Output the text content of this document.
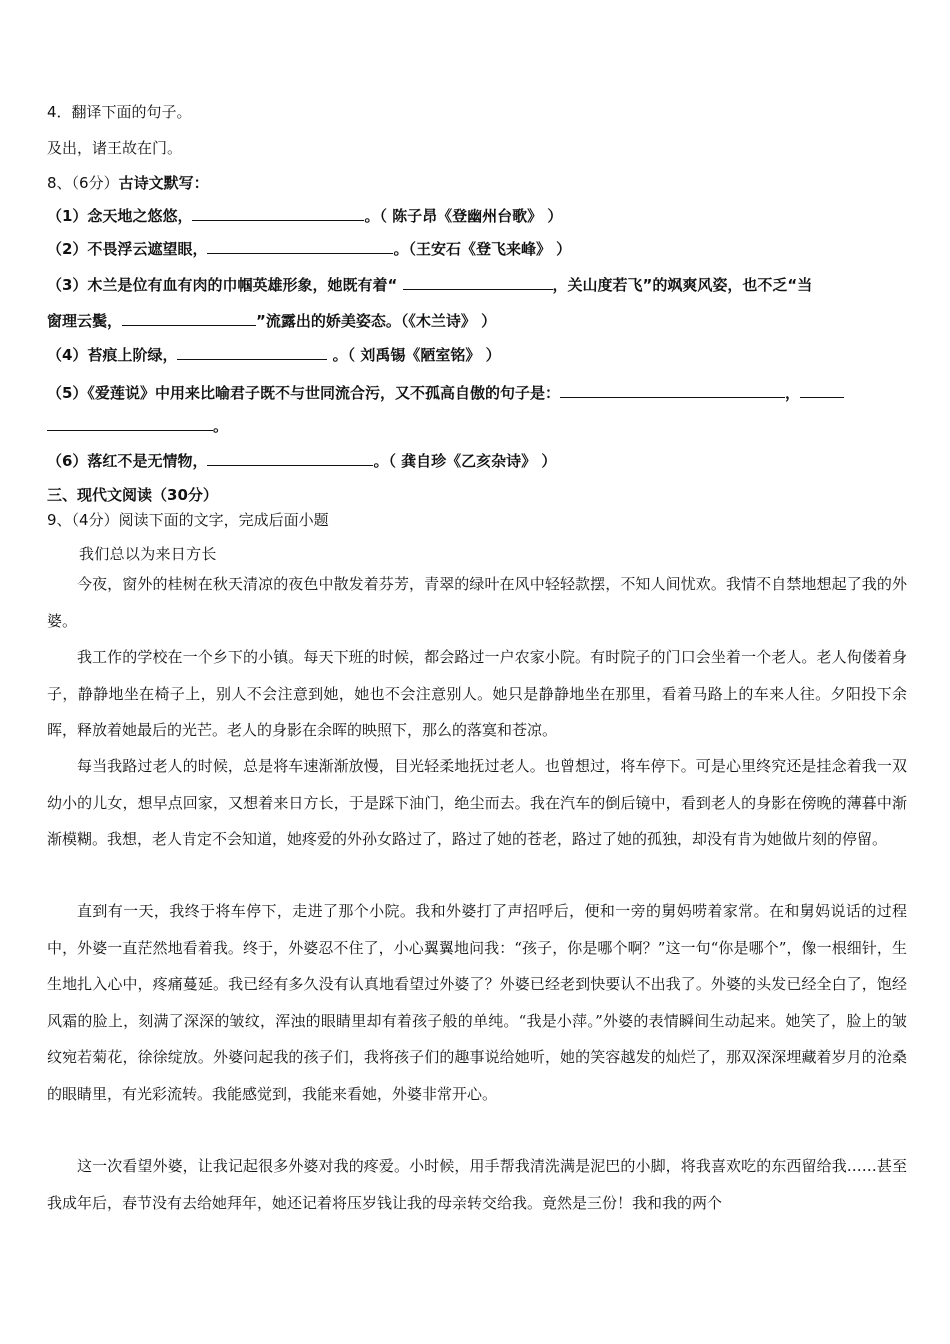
4．翻译下面的句子。
及出，诸王故在门。
8、（6分）古诗文默写：
（1）念天地之悠悠，	。（ 陈子昂《登幽州台歌》 ）
（2）不畏浮云遮望眼，	。（王安石《登飞来峰》 ）
（3）木兰是位有血有肉的巾帼英雄形象，她既有着“	，关山度若飞”的飒爽风姿，也不乏“当
窗理云鬓，	”流露出的娇美姿态。（《木兰诗》 ）
（4）苔痕上阶绿，	。（ 刘禹锡《陋室铭》 ）
（5）《爱莲说》中用来比喻君子既不与世同流合污，又不孤高自傲的句子是：	，
。
（6）落红不是无情物，	。（ 龚自珍《乙亥杂诗》 ）
三、现代文阅读（30分）
9、（4分）阅读下面的文字，完成后面小题
我们总以为来日方长
今夜，窗外的桂树在秋天清凉的夜色中散发着芬芳，青翠的绿叶在风中轻轻款摆，不知人间忧欢。我情不自禁地想起了我的外婆。
我工作的学校在一个乡下的小镇。每天下班的时候，都会路过一户农家小院。有时院子的门口会坐着一个老人。老人佝偻着身子，静静地坐在椅子上，别人不会注意到她，她也不会注意别人。她只是静静地坐在那里，看着马路上的车来人往。夕阳投下余晖，释放着她最后的光芒。老人的身影在余晖的映照下，那么的落寞和苍凉。
每当我路过老人的时候，总是将车速渐渐放慢，目光轻柔地抚过老人。也曾想过，将车停下。可是心里终究还是挂念着我一双幼小的儿女，想早点回家，又想着来日方长，于是踩下油门，绝尘而去。我在汽车的倒后镜中，看到老人的身影在傍晚的薄暮中渐渐模糊。我想，老人肯定不会知道，她疼爱的外孙女路过了，路过了她的苍老，路过了她的孤独，却没有肯为她做片刻的停留。
直到有一天，我终于将车停下，走进了那个小院。我和外婆打了声招呼后，便和一旁的舅妈唠着家常。在和舅妈说话的过程中，外婆一直茫然地看着我。终于，外婆忍不住了，小心翼翼地问我：“孩子，你是哪个啊？”这一句“你是哪个”，像一根细针，生生地扎入心中，疼痛蔓延。我已经有多久没有认真地看望过外婆了？外婆已经老到快要认不出我了。外婆的头发已经全白了，饱经风霜的脸上，刻满了深深的皱纹，浑浊的眼睛里却有着孩子般的单纯。“我是小萍。”外婆的表情瞬间生动起来。她笑了，脸上的皱纹宛若菊花，徐徐绽放。外婆问起我的孩子们，我将孩子们的趣事说给她听，她的笑容越发的灿烂了，那双深深埋藏着岁月的沧桑的眼睛里，有光彩流转。我能感觉到，我能来看她，外婆非常开心。
这一次看望外婆，让我记起很多外婆对我的疼爱。小时候，用手帮我清洗满是泥巴的小脚，将我喜欢吃的东西留给我……甚至我成年后，春节没有去给她拜年，她还记着将压岁钱让我的母亲转交给我。竟然是三份！我和我的两个
